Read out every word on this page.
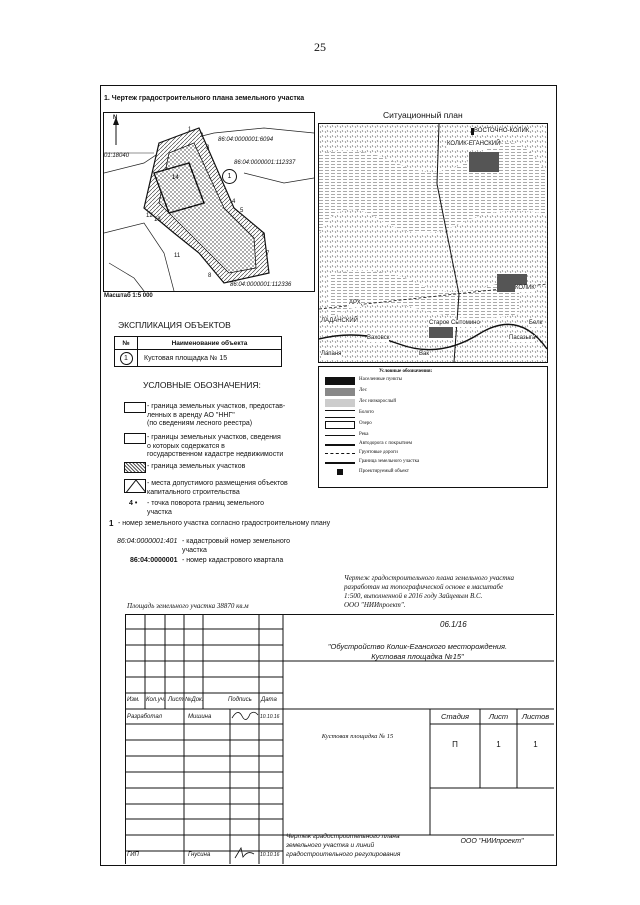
25
1. Чертеж градостроительного плана земельного участка
N
01:18040
86:04:0000001:6094
86:04:0000001:112337
86:04:0000001:112336
1
1
2
3
4
5
6
7
8
11
12
13
14
Масштаб 1:5 000
Ситуационный план
ВОСТОЧНО-КОЛИК
КОЛИК-ЕГАНСКИЙ
КОЛИК
АРХ
Старое Сытомино	Белк
Ваховск
Лапаня
Пасазыга
ЛАДАНСКИЙ
Вак
Условные обозначения:
Населенные пункты
Лес
Лес низкорослый
Болото
Озеро
Река
Автодорога с покрытием
Грунтовые дороги
Граница земельного участка
Проектируемый объект
ЭКСПЛИКАЦИЯ ОБЪЕКТОВ
№	Наименование объекта
1	Кустовая площадка № 15
УСЛОВНЫЕ ОБОЗНАЧЕНИЯ:
- граница земельных участков, предостав-
ленных в аренду АО "ННГ"
(по сведениям лесного реестра)
- границы земельных участков, сведения
о которых содержатся в
государственном кадастре недвижимости
- граница земельных участков
- места допустимого размещения объектов
капитального строительства
4 • - точка поворота границ земельного
участка
1 - номер земельного участка согласно градостроительному плану
86:04:0000001:401 - кадастровый номер земельного
участка
86:04:0000001 - номер кадастрового квартала
Чертеж градостроительного плана земельного участка
разработан на топографической основе в масштабе
1:500, выполненной в 2016 году Зайцевым В.С.
ООО "НИИпроект".
Площадь земельного участка 38870 кв.м
06.1/16
"Обустройство Колик-Еганского месторождения.
Кустовая площадка №15"
Изм. Кол.уч. Лист №Док.	Подпись Дата
Разработал	Мишина	10.10.16
ГИП	Гнусина	10.10.16
Кустовая площадка № 15
Стадия	Лист	Листов
П	1	1
Чертеж градостроительного плана
земельного участка и линий
градостроительного регулирования
ООО "НИИпроект"
